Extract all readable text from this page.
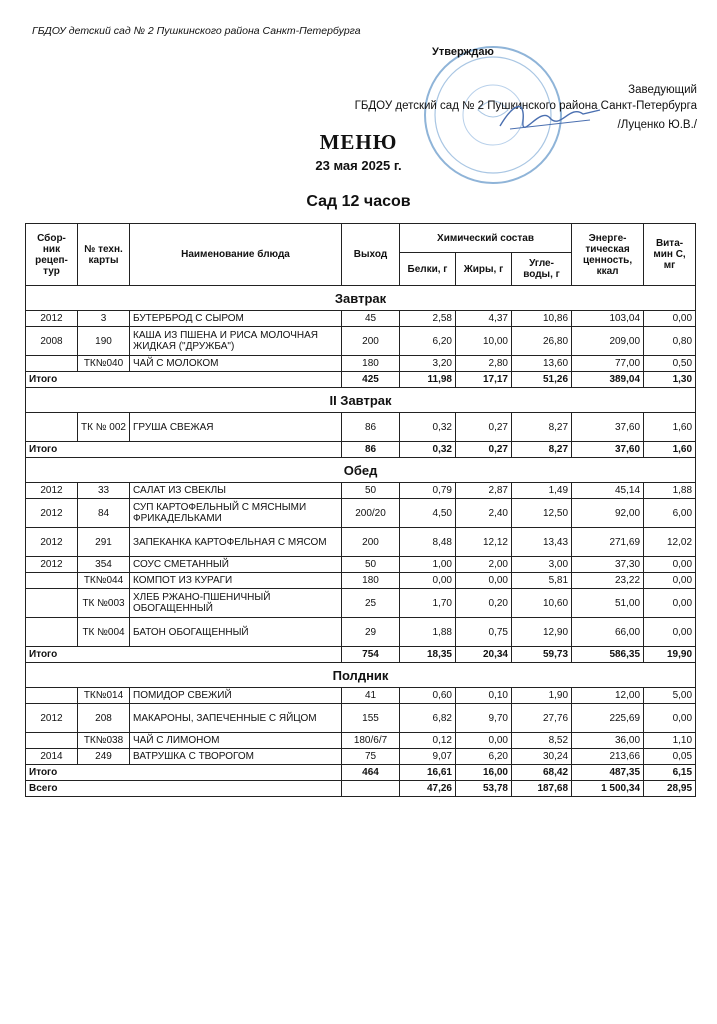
ГБДОУ детский сад № 2 Пушкинского района Санкт-Петербурга
Утверждаю
Заведующий
ГБДОУ детский сад № 2 Пушкинского района Санкт-Петербурга
/Луценко Ю.В./
МЕНЮ
23 мая 2025 г.
Сад 12 часов
Сбор-ник рецеп-тур	№ техн. карты	Наименование блюда	Выход	Химический состав			Энерге-тическая ценность, ккал	Вита-мин С, мг
				Белки, г	Жиры, г	Угле-воды, г		
Завтрак								
2012	3	БУТЕРБРОД С СЫРОМ	45	2,58	4,37	10,86	103,04	0,00
2008	190	КАША ИЗ ПШЕНА И РИСА МОЛОЧНАЯ ЖИДКАЯ ("ДРУЖБА")	200	6,20	10,00	26,80	209,00	0,80
	ТК№040	ЧАЙ С МОЛОКОМ	180	3,20	2,80	13,60	77,00	0,50
Итого			425	11,98	17,17	51,26	389,04	1,30
II Завтрак								
	ТК № 002	ГРУША СВЕЖАЯ	86	0,32	0,27	8,27	37,60	1,60
Итого			86	0,32	0,27	8,27	37,60	1,60
Обед								
2012	33	САЛАТ ИЗ СВЕКЛЫ	50	0,79	2,87	1,49	45,14	1,88
2012	84	СУП КАРТОФЕЛЬНЫЙ С МЯСНЫМИ ФРИКАДЕЛЬКАМИ	200/20	4,50	2,40	12,50	92,00	6,00
2012	291	ЗАПЕКАНКА КАРТОФЕЛЬНАЯ С МЯСОМ	200	8,48	12,12	13,43	271,69	12,02
2012	354	СОУС СМЕТАННЫЙ	50	1,00	2,00	3,00	37,30	0,00
	ТК№044	КОМПОТ ИЗ КУРАГИ	180	0,00	0,00	5,81	23,22	0,00
	ТК №003	ХЛЕБ РЖАНО-ПШЕНИЧНЫЙ ОБОГАЩЕННЫЙ	25	1,70	0,20	10,60	51,00	0,00
	ТК №004	БАТОН ОБОГАЩЕННЫЙ	29	1,88	0,75	12,90	66,00	0,00
Итого			754	18,35	20,34	59,73	586,35	19,90
Полдник								
	ТК№014	ПОМИДОР СВЕЖИЙ	41	0,60	0,10	1,90	12,00	5,00
2012	208	МАКАРОНЫ, ЗАПЕЧЕННЫЕ С ЯЙЦОМ	155	6,82	9,70	27,76	225,69	0,00
	ТК№038	ЧАЙ С ЛИМОНОМ	180/6/7	0,12	0,00	8,52	36,00	1,10
2014	249	ВАТРУШКА С ТВОРОГОМ	75	9,07	6,20	30,24	213,66	0,05
Итого			464	16,61	16,00	68,42	487,35	6,15
Всего				47,26	53,78	187,68	1 500,34	28,95
